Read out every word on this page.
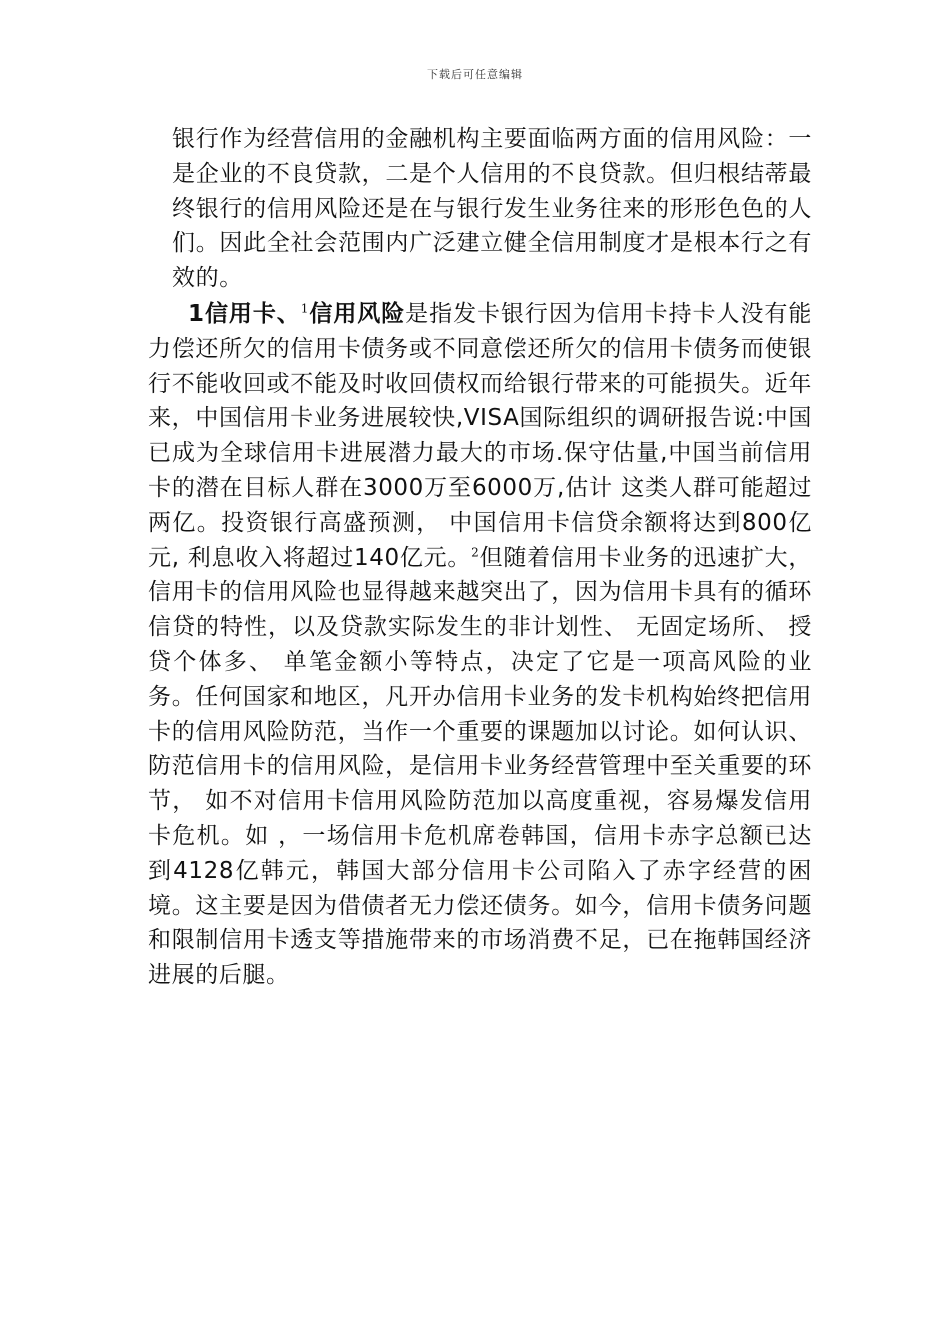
下载后可任意编辑
银行作为经营信用的金融机构主要面临两方面的信用风险：一是企业的不良贷款，二是个人信用的不良贷款。但归根结蒂最终银行的信用风险还是在与银行发生业务往来的形形色色的人们。因此全社会范围内广泛建立健全信用制度才是根本行之有效的。
1信用卡、$^1$信用风险是指发卡银行因为信用卡持卡人没有能力偿还所欠的信用卡债务或不同意偿还所欠的信用卡债务而使银行不能收回或不能及时收回债权而给银行带来的可能损失。近年来，中国信用卡业务进展较快,VISA国际组织的调研报告说:中国已成为全球信用卡进展潜力最大的市场.保守估量,中国当前信用卡的潜在目标人群在3000万至6000万,估计 这类人群可能超过两亿。投资银行高盛预测， 中国信用卡信贷余额将达到800亿元, 利息收入将超过140亿元。$^2$但随着信用卡业务的迅速扩大，信用卡的信用风险也显得越来越突出了，因为信用卡具有的循环信贷的特性，以及贷款实际发生的非计划性、 无固定场所、 授贷个体多、 单笔金额小等特点，决定了它是一项高风险的业务。任何国家和地区，凡开办信用卡业务的发卡机构始终把信用卡的信用风险防范，当作一个重要的课题加以讨论。如何认识、 防范信用卡的信用风险，是信用卡业务经营管理中至关重要的环节， 如不对信用卡信用风险防范加以高度重视，容易爆发信用卡危机。如 ，一场信用卡危机席卷韩国，信用卡赤字总额已达到4128亿韩元，韩国大部分信用卡公司陷入了赤字经营的困境。这主要是因为借债者无力偿还债务。如今，信用卡债务问题和限制信用卡透支等措施带来的市场消费不足，已在拖韩国经济进展的后腿。
